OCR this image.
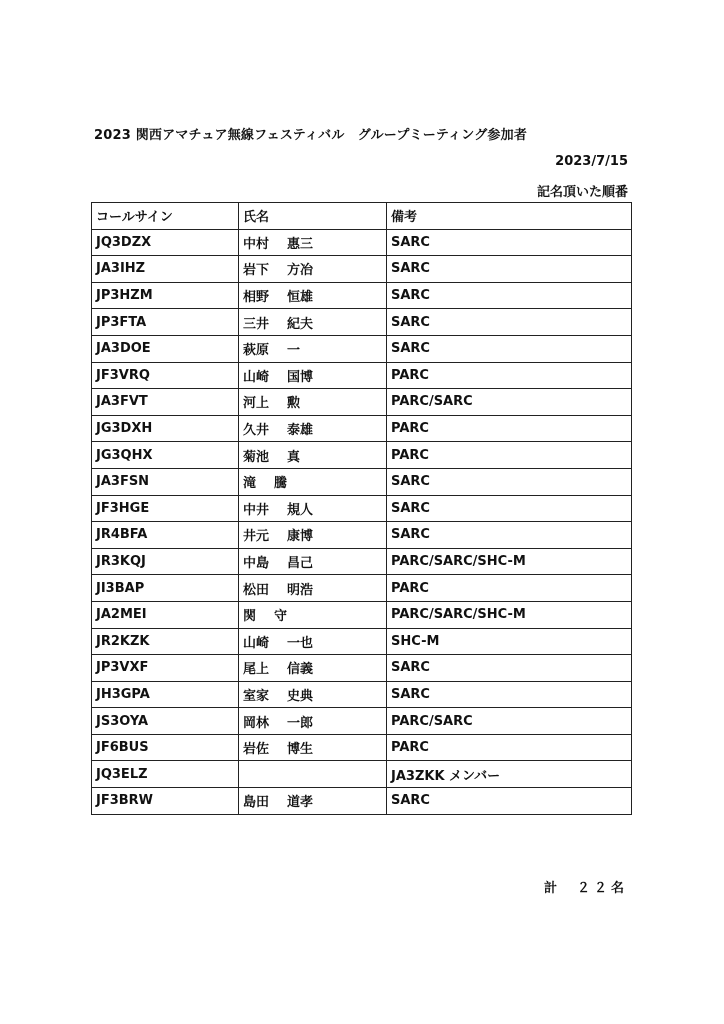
2023 関西アマチュア無線フェスティバル　グループミーティング参加者
2023/7/15
記名頂いた順番
コールサイン	氏名	備考
JQ3DZX	中村 惠三	SARC
JA3IHZ	岩下 方冶	SARC
JP3HZM	相野 恒雄	SARC
JP3FTA	三井 紀夫	SARC
JA3DOE	萩原 一	SARC
JF3VRQ	山崎 国博	PARC
JA3FVT	河上 勲	PARC/SARC
JG3DXH	久井 泰雄	PARC
JG3QHX	菊池 真	PARC
JA3FSN	滝 騰	SARC
JF3HGE	中井 規人	SARC
JR4BFA	井元 康博	SARC
JR3KQJ	中島 昌己	PARC/SARC/SHC-M
JI3BAP	松田 明浩	PARC
JA2MEI	関 守	PARC/SARC/SHC-M
JR2KZK	山崎 一也	SHC-M
JP3VXF	尾上 信義	SARC
JH3GPA	室家 史典	SARC
JS3OYA	岡林 一郎	PARC/SARC
JF6BUS	岩佐 博生	PARC
JQ3ELZ		JA3ZKK メンバー
JF3BRW	島田 道孝	SARC
計 ２２名
